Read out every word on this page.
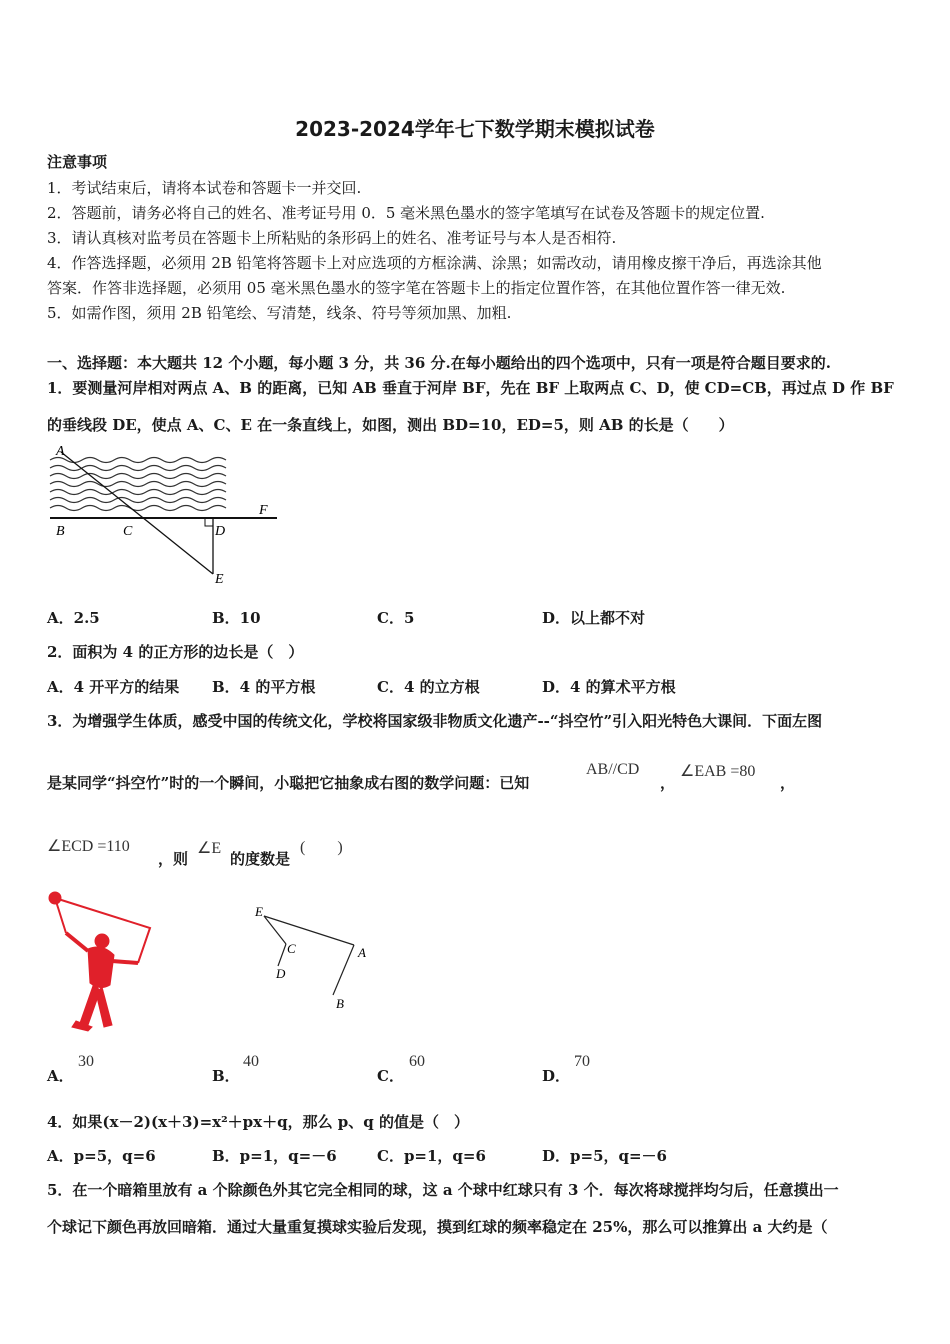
2023-2024学年七下数学期末模拟试卷
注意事项
1．考试结束后，请将本试卷和答题卡一并交回.
2．答题前，请务必将自己的姓名、准考证号用 0．5 毫米黑色墨水的签字笔填写在试卷及答题卡的规定位置.
3．请认真核对监考员在答题卡上所粘贴的条形码上的姓名、准考证号与本人是否相符.
4．作答选择题，必须用 2B 铅笔将答题卡上对应选项的方框涂满、涂黑；如需改动，请用橡皮擦干净后，再选涂其他
答案．作答非选择题，必须用 05 毫米黑色墨水的签字笔在答题卡上的指定位置作答，在其他位置作答一律无效.
5．如需作图，须用 2B 铅笔绘、写清楚，线条、符号等须加黑、加粗.
一、选择题：本大题共 12 个小题，每小题 3 分，共 36 分.在每小题给出的四个选项中，只有一项是符合题目要求的.
1．要测量河岸相对两点 A、B 的距离，已知 AB 垂直于河岸 BF，先在 BF 上取两点 C、D，使 CD=CB，再过点 D 作 BF
的垂线段 DE，使点 A、C、E 在一条直线上，如图，测出 BD=10，ED=5，则 AB 的长是（　　）
A
B	C	D
E
F
A．2.5	B．10	C．5	D．以上都不对
2．面积为 4 的正方形的边长是（　）
A．4 开平方的结果 B．4 的平方根	C．4 的立方根	D．4 的算术平方根
3．为增强学生体质，感受中国的传统文化，学校将国家级非物质文化遗产--“抖空竹”引入阳光特色大课间．下面左图
是某同学“抖空竹”时的一个瞬间，小聪把它抽象成右图的数学问题：已知
AB//CD
，
∠EAB =80
，
∠ECD =110
，则
∠E
的度数是
(　　)
E
C
D
A
B
A．
30
B．
40
C．
60
D．
70
4．如果(x－2)(x＋3)=x²＋px＋q，那么 p、q 的值是（　）
A．p=5，q=6	B．p=1，q=－6	C．p=1，q=6	D．p=5，q=－6
5．在一个暗箱里放有 a 个除颜色外其它完全相同的球，这 a 个球中红球只有 3 个．每次将球搅拌均匀后，任意摸出一
个球记下颜色再放回暗箱．通过大量重复摸球实验后发现，摸到红球的频率稳定在 25%，那么可以推算出 a 大约是（
